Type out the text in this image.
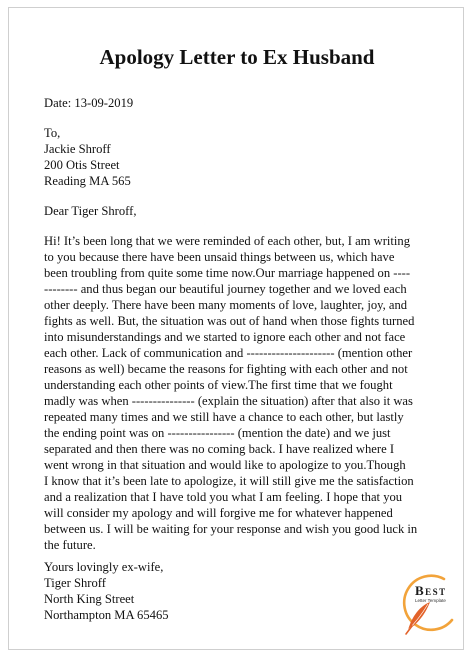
Apology Letter to Ex Husband
Date: 13-09-2019
To,
Jackie Shroff
200 Otis Street
Reading MA 565
Dear Tiger Shroff,
Hi! It’s been long that we were reminded of each other, but, I am writing
to you because there have been unsaid things between us, which have
been troubling from quite some time now.Our marriage happened on ----
-------- and thus began our beautiful journey together and we loved each
other deeply. There have been many moments of love, laughter, joy, and
fights as well. But, the situation was out of hand when those fights turned
into misunderstandings and we started to ignore each other and not face
each other. Lack of communication and --------------------- (mention other
reasons as well) became the reasons for fighting with each other and not
understanding each other points of view.The first time that we fought
madly was when --------------- (explain the situation) after that also it was
repeated many times and we still have a chance to each other, but lastly
the ending point was on ---------------- (mention the date) and we just
separated and then there was no coming back. I have realized where I
went wrong in that situation and would like to apologize to you.Though
I know that it’s been late to apologize, it will still give me the satisfaction
and a realization that I have told you what I am feeling. I hope that you
will consider my apology and will forgive me for whatever happened
between us. I will be waiting for your response and wish you good luck in
the future.
Yours lovingly ex-wife,
Tiger Shroff
North King Street
Northampton MA 65465
BEST
Letter Template
